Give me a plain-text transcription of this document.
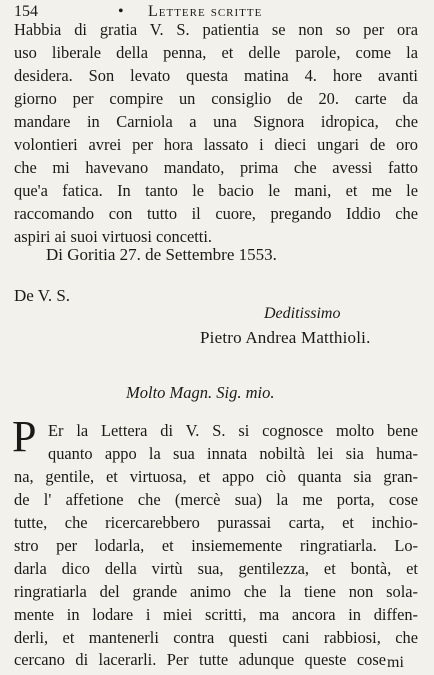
154	• Lettere scritte
Habbia di gratia V. S. patientia se non so per ora
uso liberale della penna, et delle parole, come la
desidera. Son levato questa matina 4. hore avanti
giorno per compire un consiglio de 20. carte da
mandare in Carniola a una Signora idropica, che
volontieri avrei per hora lassato i dieci ungari de oro
che mi havevano mandato, prima che avessi fatto
que'a fatica. In tanto le bacio le mani, et me le
raccomando con tutto il cuore, pregando Iddio che
aspiri ai suoi virtuosi concetti.
Di Goritia 27. de Settembre 1553.
De V. S.
Deditissimo
Pietro Andrea Matthioli.
Molto Magn. Sig. mio.
P Er la Lettera di V. S. si cognosce molto bene
quanto appo la sua innata nobiltà lei sia huma-
na, gentile, et virtuosa, et appo ciò quanta sia gran-
de l' affetione che (mercè sua) la me porta, cose
tutte, che ricercarebbero purassai carta, et inchio-
stro per lodarla, et insiememente ringratiarla. Lo-
darla dico della virtù sua, gentilezza, et bontà, et
ringratiarla del grande animo che la tiene non sola-
mente in lodare i miei scritti, ma ancora in diffen-
derli, et mantenerli contra questi cani rabbiosi, che
cercano di lacerarli. Per tutte adunque queste cose mi
